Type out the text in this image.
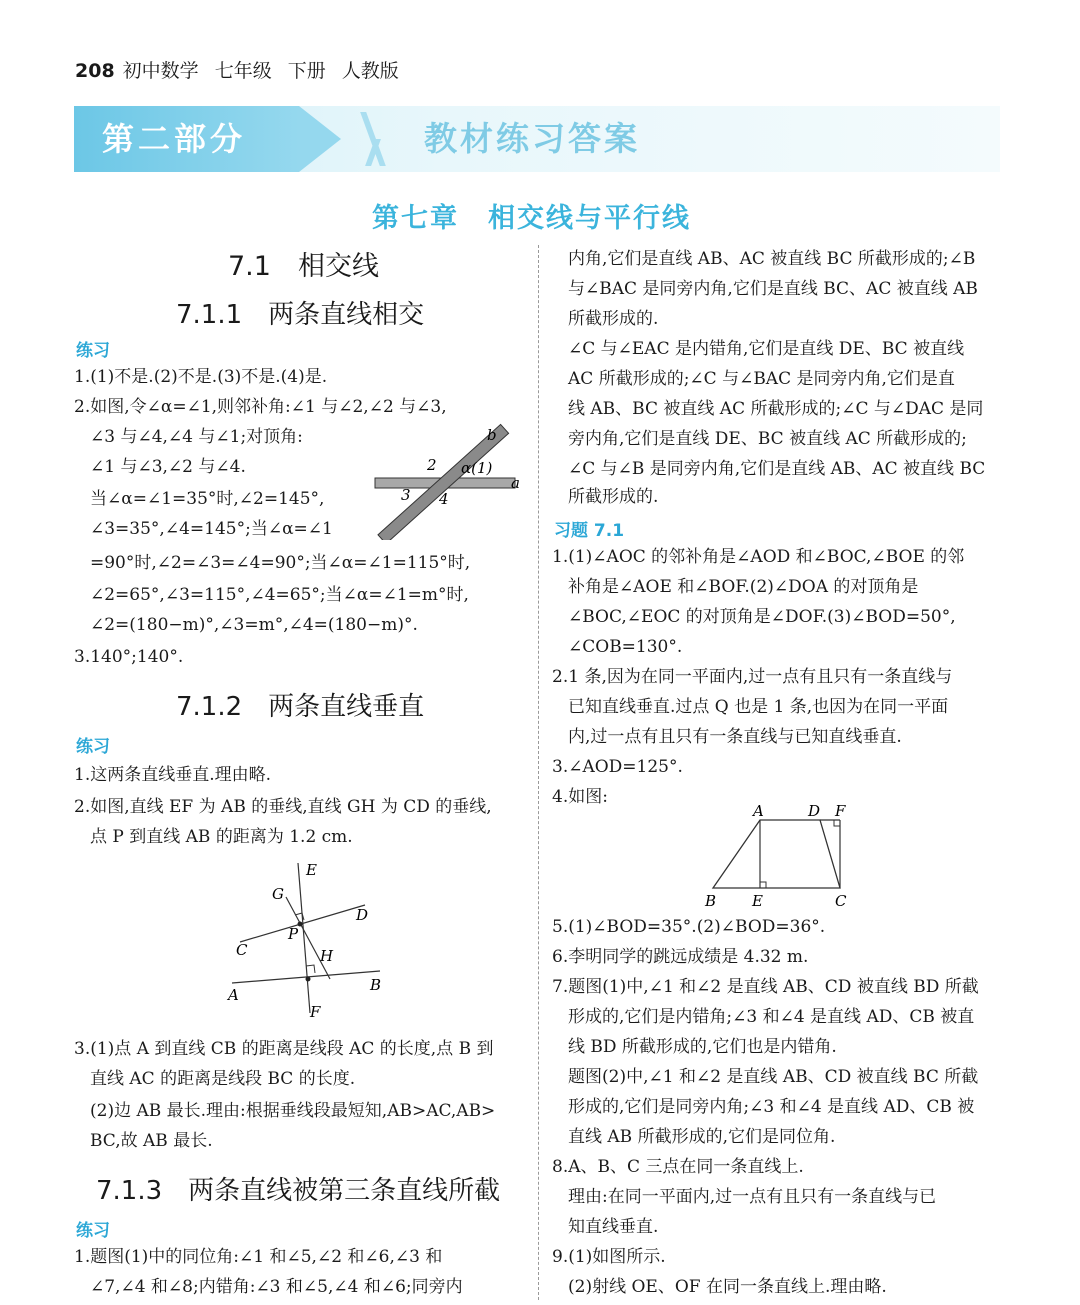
208 初中数学 七年级 下册 人教版
第二部分	教材练习答案
第七章　相交线与平行线
7.1　相交线
7.1.1　两条直线相交
练习
1.(1)不是.(2)不是.(3)不是.(4)是.
2.如图,令∠α=∠1,则邻补角:∠1 与∠2,∠2 与∠3,
∠3 与∠4,∠4 与∠1;对顶角:
∠1 与∠3,∠2 与∠4.
当∠α=∠1=35°时,∠2=145°,
∠3=35°,∠4=145°;当∠α=∠1
=90°时,∠2=∠3=∠4=90°;当∠α=∠1=115°时,
∠2=65°,∠3=115°,∠4=65°;当∠α=∠1=m°时,
∠2=(180−m)°,∠3=m°,∠4=(180−m)°.
3.140°;140°.
b
a
α(1)
2
3 4
7.1.2　两条直线垂直
练习
1.这两条直线垂直.理由略.
2.如图,直线 EF 为 AB 的垂线,直线 GH 为 CD 的垂线,
点 P 到直线 AB 的距离为 1.2 cm.
E
G
D
P
C	H
A
B
F
3.(1)点 A 到直线 CB 的距离是线段 AC 的长度,点 B 到
直线 AC 的距离是线段 BC 的长度.
(2)边 AB 最长.理由:根据垂线段最短知,AB>AC,AB>
BC,故 AB 最长.
7.1.3　两条直线被第三条直线所截
练习
1.题图(1)中的同位角:∠1 和∠5,∠2 和∠6,∠3 和
∠7,∠4 和∠8;内错角:∠3 和∠5,∠4 和∠6;同旁内
内角,它们是直线 AB、AC 被直线 BC 所截形成的;∠B
与∠BAC 是同旁内角,它们是直线 BC、AC 被直线 AB
所截形成的.
∠C 与∠EAC 是内错角,它们是直线 DE、BC 被直线
AC 所截形成的;∠C 与∠BAC 是同旁内角,它们是直
线 AB、BC 被直线 AC 所截形成的;∠C 与∠DAC 是同
旁内角,它们是直线 DE、BC 被直线 AC 所截形成的;
∠C 与∠B 是同旁内角,它们是直线 AB、AC 被直线 BC
所截形成的.
习题 7.1
1.(1)∠AOC 的邻补角是∠AOD 和∠BOC,∠BOE 的邻
补角是∠AOE 和∠BOF.(2)∠DOA 的对顶角是
∠BOC,∠EOC 的对顶角是∠DOF.(3)∠BOD=50°,
∠COB=130°.
2.1 条,因为在同一平面内,过一点有且只有一条直线与
已知直线垂直.过点 Q 也是 1 条,也因为在同一平面
内,过一点有且只有一条直线与已知直线垂直.
3.∠AOD=125°.
4.如图:
A	D F
B E	C
5.(1)∠BOD=35°.(2)∠BOD=36°.
6.李明同学的跳远成绩是 4.32 m.
7.题图(1)中,∠1 和∠2 是直线 AB、CD 被直线 BD 所截
形成的,它们是内错角;∠3 和∠4 是直线 AD、CB 被直
线 BD 所截形成的,它们也是内错角.
题图(2)中,∠1 和∠2 是直线 AB、CD 被直线 BC 所截
形成的,它们是同旁内角;∠3 和∠4 是直线 AD、CB 被
直线 AB 所截形成的,它们是同位角.
8.A、B、C 三点在同一条直线上.
理由:在同一平面内,过一点有且只有一条直线与已
知直线垂直.
9.(1)如图所示.
(2)射线 OE、OF 在同一条直线上.理由略.
